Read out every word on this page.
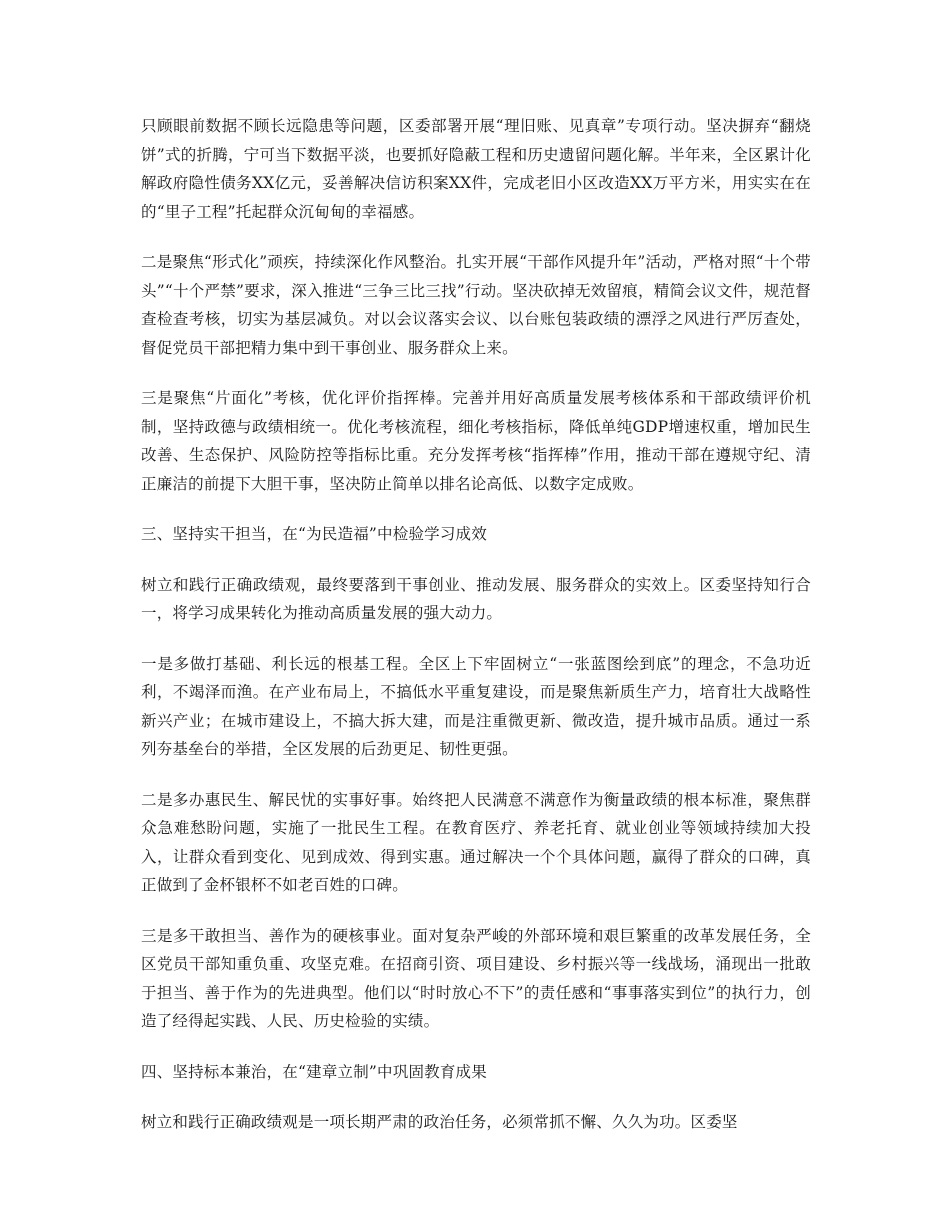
只顾眼前数据不顾长远隐患等问题，区委部署开展“理旧账、见真章”专项行动。坚决摒弃“翻烧饼”式的折腾，宁可当下数据平淡，也要抓好隐蔽工程和历史遗留问题化解。半年来，全区累计化解政府隐性债务XX亿元，妥善解决信访积案XX件，完成老旧小区改造XX万平方米，用实实在在的“里子工程”托起群众沉甸甸的幸福感。

二是聚焦“形式化”顽疾，持续深化作风整治。扎实开展“干部作风提升年”活动，严格对照“十个带头”“十个严禁”要求，深入推进“三争三比三找”行动。坚决砍掉无效留痕，精简会议文件，规范督查检查考核，切实为基层减负。对以会议落实会议、以台账包装政绩的漂浮之风进行严厉查处，督促党员干部把精力集中到干事创业、服务群众上来。

三是聚焦“片面化”考核，优化评价指挥棒。完善并用好高质量发展考核体系和干部政绩评价机制，坚持政德与政绩相统一。优化考核流程，细化考核指标，降低单纯GDP增速权重，增加民生改善、生态保护、风险防控等指标比重。充分发挥考核“指挥棒”作用，推动干部在遵规守纪、清正廉洁的前提下大胆干事，坚决防止简单以排名论高低、以数字定成败。

三、坚持实干担当，在“为民造福”中检验学习成效

树立和践行正确政绩观，最终要落到干事创业、推动发展、服务群众的实效上。区委坚持知行合一，将学习成果转化为推动高质量发展的强大动力。

一是多做打基础、利长远的根基工程。全区上下牢固树立“一张蓝图绘到底”的理念，不急功近利，不竭泽而渔。在产业布局上，不搞低水平重复建设，而是聚焦新质生产力，培育壮大战略性新兴产业；在城市建设上，不搞大拆大建，而是注重微更新、微改造，提升城市品质。通过一系列夯基垒台的举措，全区发展的后劲更足、韧性更强。

二是多办惠民生、解民忧的实事好事。始终把人民满意不满意作为衡量政绩的根本标准，聚焦群众急难愁盼问题，实施了一批民生工程。在教育医疗、养老托育、就业创业等领域持续加大投入，让群众看到变化、见到成效、得到实惠。通过解决一个个具体问题，赢得了群众的口碑，真正做到了金杯银杯不如老百姓的口碑。

三是多干敢担当、善作为的硬核事业。面对复杂严峻的外部环境和艰巨繁重的改革发展任务，全区党员干部知重负重、攻坚克难。在招商引资、项目建设、乡村振兴等一线战场，涌现出一批敢于担当、善于作为的先进典型。他们以“时时放心不下”的责任感和“事事落实到位”的执行力，创造了经得起实践、人民、历史检验的实绩。

四、坚持标本兼治，在“建章立制”中巩固教育成果

树立和践行正确政绩观是一项长期严肃的政治任务，必须常抓不懈、久久为功。区委坚
